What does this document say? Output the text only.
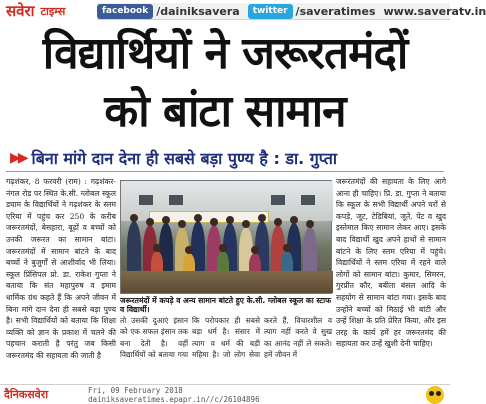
सवेरा टाइम्स	facebook /dainiksavera	twitter /saveratimes www.saveratv.in
विद्यार्थियों ने जरूरतमंदों
को बांटा सामान
▶▶ बिना मांगे दान देना ही सबसे बड़ा पुण्य है : डा. गुप्ता

गढ़शंकर, 8 फरवरी (राम) : गढ़शंकर-नंगल रोड पर स्थित के.सी. ग्लोबल स्कूल डघाम के विद्यार्थियों ने गढ़शंकर के स्लम एरिया में पहुंच कर 250 के करीब जरूरतमंदों, बेसहारा, बूढ़ों व बच्चों को उनकी जरूरत का सामान बांटा। जरूरतमंदों में सामान बांटने के बाद बच्चों ने बुजुर्गों से आशीर्वाद भी लिया। स्कूल प्रिंसिपल प्रो. डा. राकेश गुप्ता ने बताया कि संत महापुरुष व इमाम धार्मिक ग्रंथ कहते हैं कि अपने जीवन में बिना मांगे दान देना ही सबसे बड़ा पुण्य है। सभी विद्यार्थियों को बताया कि शिक्षा व्यक्ति को ज्ञान के प्रकाश में चलने की पहचान कराती है परंतु जब किसी जरूरतमंद की सहायता की जाती है

जरूरतमंदों में कपड़े व अन्य सामान बांटते हुए के.सी. ग्लोबल स्कूल का स्टाफ व विद्यार्थी।

तो उसकी दुआएं इंसान को एक सफल इंसान तक बना देती है। वहीं विद्यार्थियों को बताया गया कि परोपकार ही सबसे बड़ा धर्म है। संसार में त्याग व धर्म की बड़ी महिमा है। जो लोग सेवा करते हैं, विचारशील व त्याग नहीं करते वे सुख का आनंद नहीं ले सकते। हमें जीवन में

जरूरतमंदों की सहायता के लिए आगे आना ही चाहिए। प्रि. डा. गुप्ता ने बताया कि स्कूल के सभी विद्यार्थी अपने घरों से कपड़े, जूट, टेडिबियां, जूते, पेंट व खुद इस्तेमाल किए सामान लेकर आए। इसके बाद विद्यार्थी खुद अपने हाथों से सामान बांटने के लिए स्लम एरिया में पहुंचे। विद्यार्थियों ने स्लम एरिया में रहने वाले लोगों को सामान बांटा। कुमार, सिमरन, गुरप्रीत कौर, बबीता बंसल आदि के सहयोग से सामान बांटा गया। इसके बाद उन्होंने बच्चों को मिठाई भी बांटी और उन्हें शिक्षा के प्रति प्रेरित किया, और इस तरह के कार्य हमें हर जरूरतमंद की सहायता कर उन्हें खुशी देनी चाहिए।

दैनिकसवेरा	Fri, 09 February 2018
dainiksaveratimes.epapr.in//c/26104896
